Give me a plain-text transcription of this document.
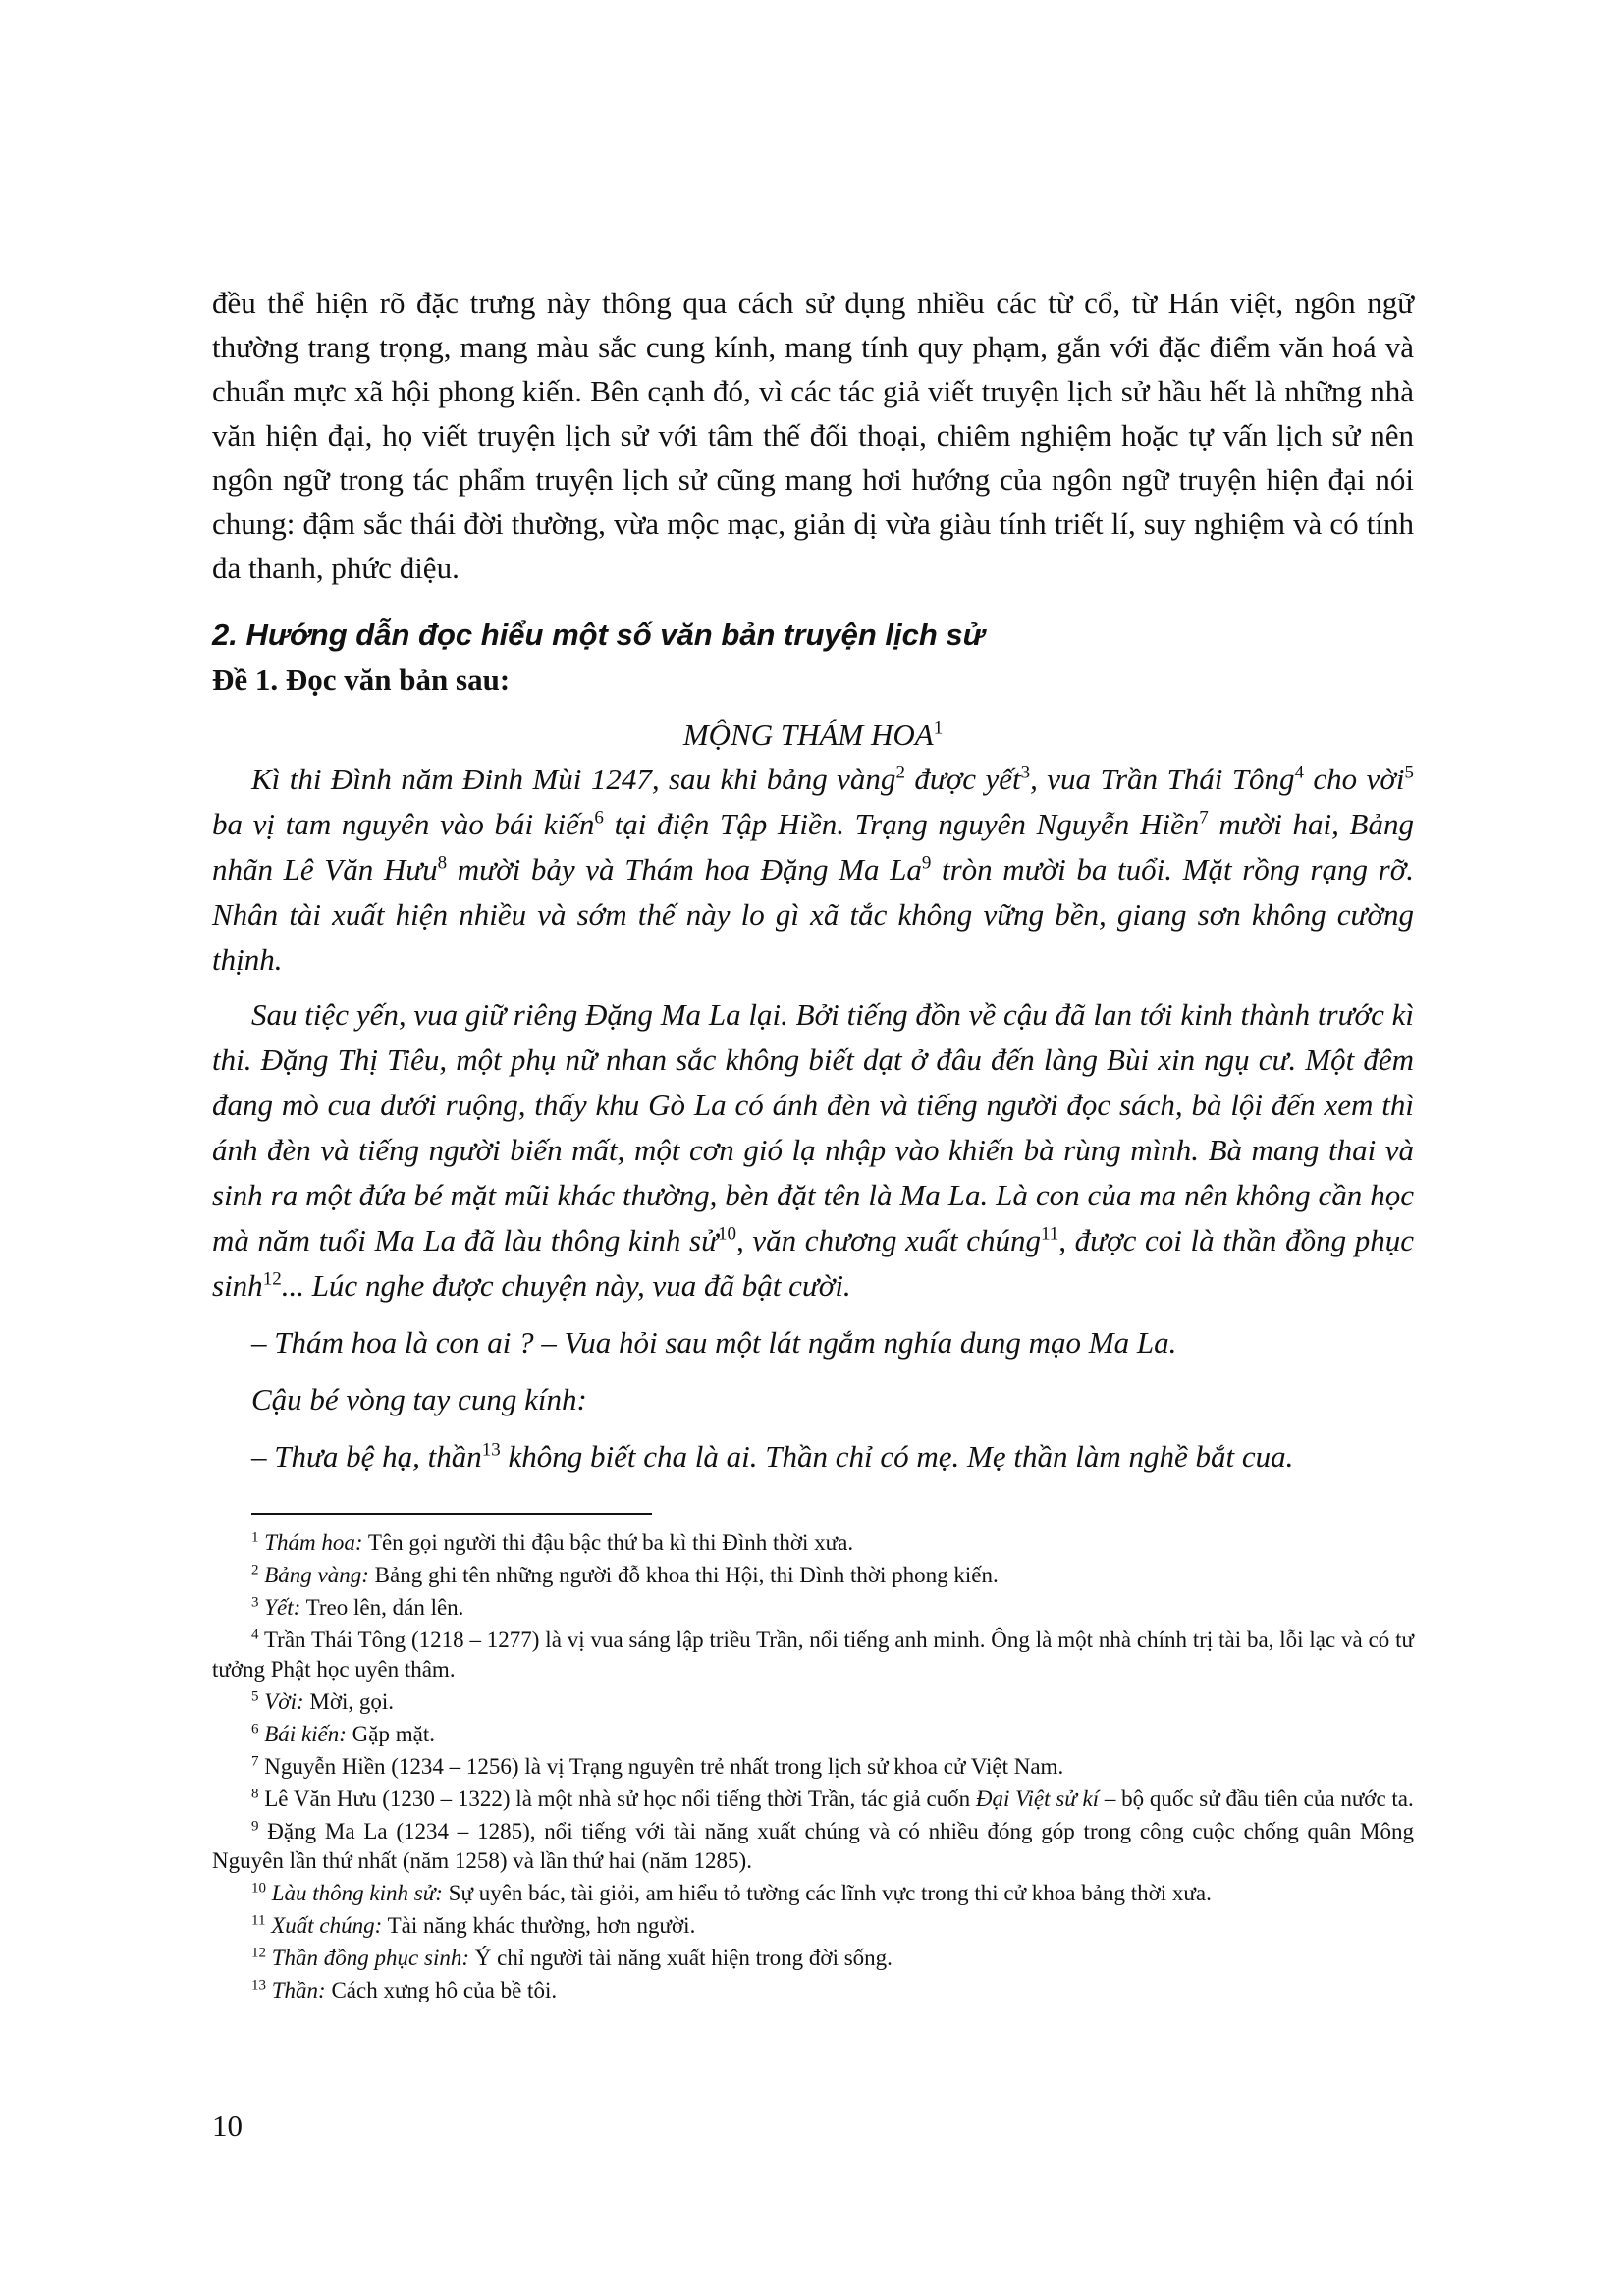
đều thể hiện rõ đặc trưng này thông qua cách sử dụng nhiều các từ cổ, từ Hán việt, ngôn ngữ thường trang trọng, mang màu sắc cung kính, mang tính quy phạm, gắn với đặc điểm văn hoá và chuẩn mực xã hội phong kiến. Bên cạnh đó, vì các tác giả viết truyện lịch sử hầu hết là những nhà văn hiện đại, họ viết truyện lịch sử với tâm thế đối thoại, chiêm nghiệm hoặc tự vấn lịch sử nên ngôn ngữ trong tác phẩm truyện lịch sử cũng mang hơi hướng của ngôn ngữ truyện hiện đại nói chung: đậm sắc thái đời thường, vừa mộc mạc, giản dị vừa giàu tính triết lí, suy nghiệm và có tính đa thanh, phức điệu.

2. Hướng dẫn đọc hiểu một số văn bản truyện lịch sử
Đề 1. Đọc văn bản sau:
MỘNG THÁM HOA$^1$

Kì thi Đình năm Đinh Mùi 1247, sau khi bảng vàng$^2$ được yết$^3$, vua Trần Thái Tông$^4$ cho vời$^5$ ba vị tam nguyên vào bái kiến$^6$ tại điện Tập Hiền. Trạng nguyên Nguyễn Hiền$^7$ mười hai, Bảng nhãn Lê Văn Hưu$^8$ mười bảy và Thám hoa Đặng Ma La$^9$ tròn mười ba tuổi. Mặt rồng rạng rỡ. Nhân tài xuất hiện nhiều và sớm thế này lo gì xã tắc không vững bền, giang sơn không cường thịnh.

Sau tiệc yến, vua giữ riêng Đặng Ma La lại. Bởi tiếng đồn về cậu đã lan tới kinh thành trước kì thi. Đặng Thị Tiêu, một phụ nữ nhan sắc không biết dạt ở đâu đến làng Bùi xin ngụ cư. Một đêm đang mò cua dưới ruộng, thấy khu Gò La có ánh đèn và tiếng người đọc sách, bà lội đến xem thì ánh đèn và tiếng người biến mất, một cơn gió lạ nhập vào khiến bà rùng mình. Bà mang thai và sinh ra một đứa bé mặt mũi khác thường, bèn đặt tên là Ma La. Là con của ma nên không cần học mà năm tuổi Ma La đã làu thông kinh sử$^{10}$, văn chương xuất chúng$^{11}$, được coi là thần đồng phục $\sinh^{12}$... Lúc nghe được chuyện này, vua đã bật cười.

– Thám hoa là con ai ? – Vua hỏi sau một lát ngắm nghía dung mạo Ma La.

Cậu bé vòng tay cung kính:

– Thưa bệ hạ, thần$^{13}$ không biết cha là ai. Thần chỉ có mẹ. Mẹ thần làm nghề bắt cua.

$^1$ Thám hoa: Tên gọi người thi đậu bậc thứ ba kì thi Đình thời xưa.

$^2$ Bảng vàng: Bảng ghi tên những người đỗ khoa thi Hội, thi Đình thời phong kiến.

$^3$ Yết: Treo lên, dán lên.

$^4$ Trần Thái Tông (1218 – 1277) là vị vua sáng lập triều Trần, nổi tiếng anh minh. Ông là một nhà chính trị tài ba, lỗi lạc và có tư tưởng Phật học uyên thâm.

$^5$ Vời: Mời, gọi.

$^6$ Bái kiến: Gặp mặt.

$^7$ Nguyễn Hiền (1234 – 1256) là vị Trạng nguyên trẻ nhất trong lịch sử khoa cử Việt Nam.

$^8$ Lê Văn Hưu (1230 – 1322) là một nhà sử học nổi tiếng thời Trần, tác giả cuốn Đại Việt sử kí – bộ quốc sử đầu tiên của nước ta.

$^9$ Đặng Ma La (1234 – 1285), nổi tiếng với tài năng xuất chúng và có nhiều đóng góp trong công cuộc chống quân Mông Nguyên lần thứ nhất (năm 1258) và lần thứ hai (năm 1285).

$^{10}$ Làu thông kinh sử: Sự uyên bác, tài giỏi, am hiểu tỏ tường các lĩnh vực trong thi cử khoa bảng thời xưa.

$^{11}$ Xuất chúng: Tài năng khác thường, hơn người.

$^{12}$ Thần đồng phục sinh: Ý chỉ người tài năng xuất hiện trong đời sống.

$^{13}$ Thần: Cách xưng hô của bề tôi.

10
